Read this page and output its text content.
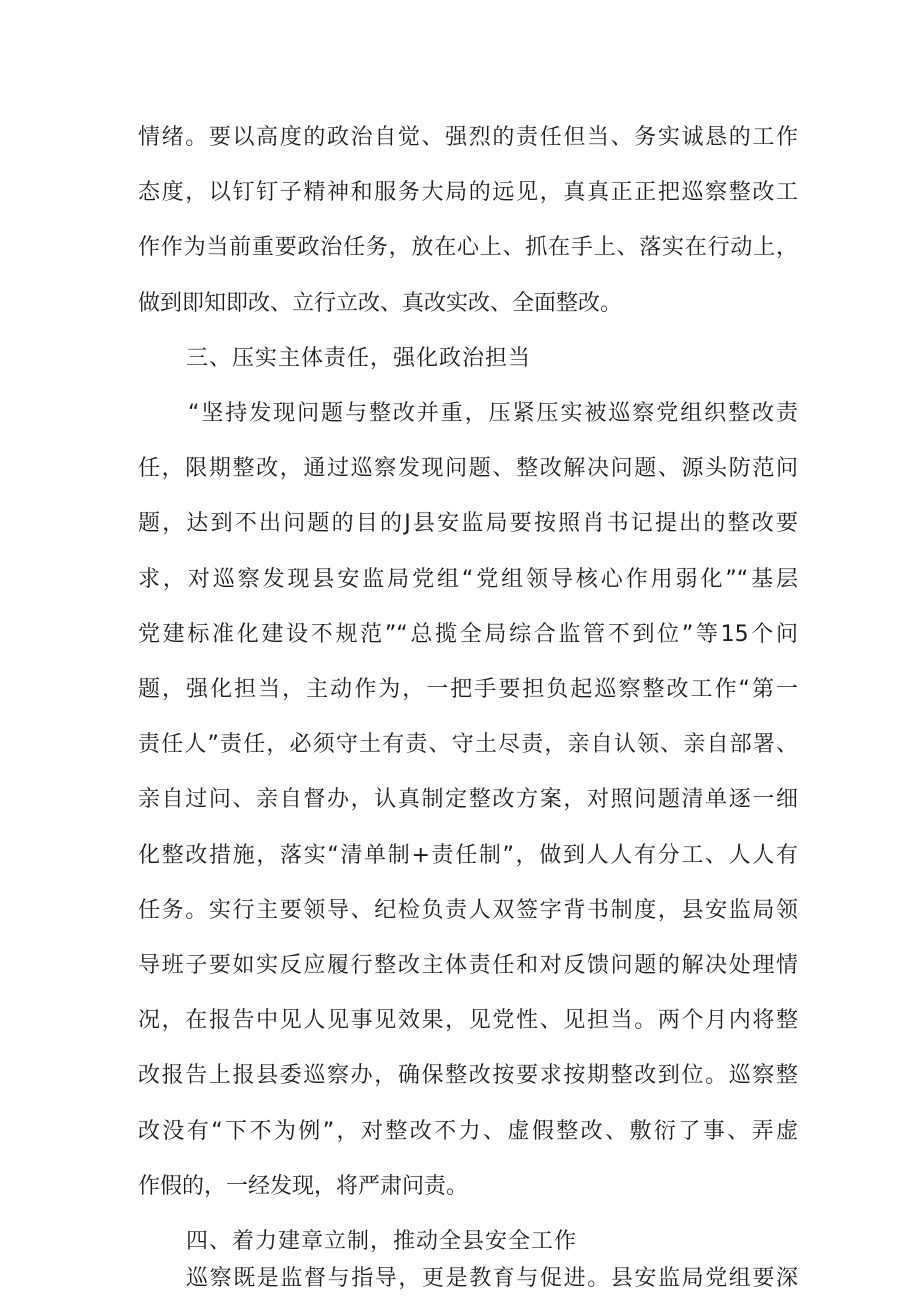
情绪。要以高度的政治自觉、强烈的责任但当、务实诚恳的工作
态度，以钉钉子精神和服务大局的远见，真真正正把巡察整改工
作作为当前重要政治任务，放在心上、抓在手上、落实在行动上，
做到即知即改、立行立改、真改实改、全面整改。
三、压实主体责任，强化政治担当
“坚持发现问题与整改并重，压紧压实被巡察党组织整改责
任，限期整改，通过巡察发现问题、整改解决问题、源头防范问
题，达到不出问题的目的J县安监局要按照肖书记提出的整改要
求，对巡察发现县安监局党组“党组领导核心作用弱化”“基层
党建标准化建设不规范”“总揽全局综合监管不到位”等15个问
题，强化担当，主动作为，一把手要担负起巡察整改工作“第一
责任人”责任，必须守土有责、守土尽责，亲自认领、亲自部署、
亲自过问、亲自督办，认真制定整改方案，对照问题清单逐一细
化整改措施，落实“清单制+责任制”，做到人人有分工、人人有
任务。实行主要领导、纪检负责人双签字背书制度，县安监局领
导班子要如实反应履行整改主体责任和对反馈问题的解决处理情
况，在报告中见人见事见效果，见党性、见担当。两个月内将整
改报告上报县委巡察办，确保整改按要求按期整改到位。巡察整
改没有“下不为例”，对整改不力、虚假整改、敷衍了事、弄虚
作假的，一经发现，将严肃问责。
四、着力建章立制，推动全县安全工作
巡察既是监督与指导，更是教育与促进。县安监局党组要深
